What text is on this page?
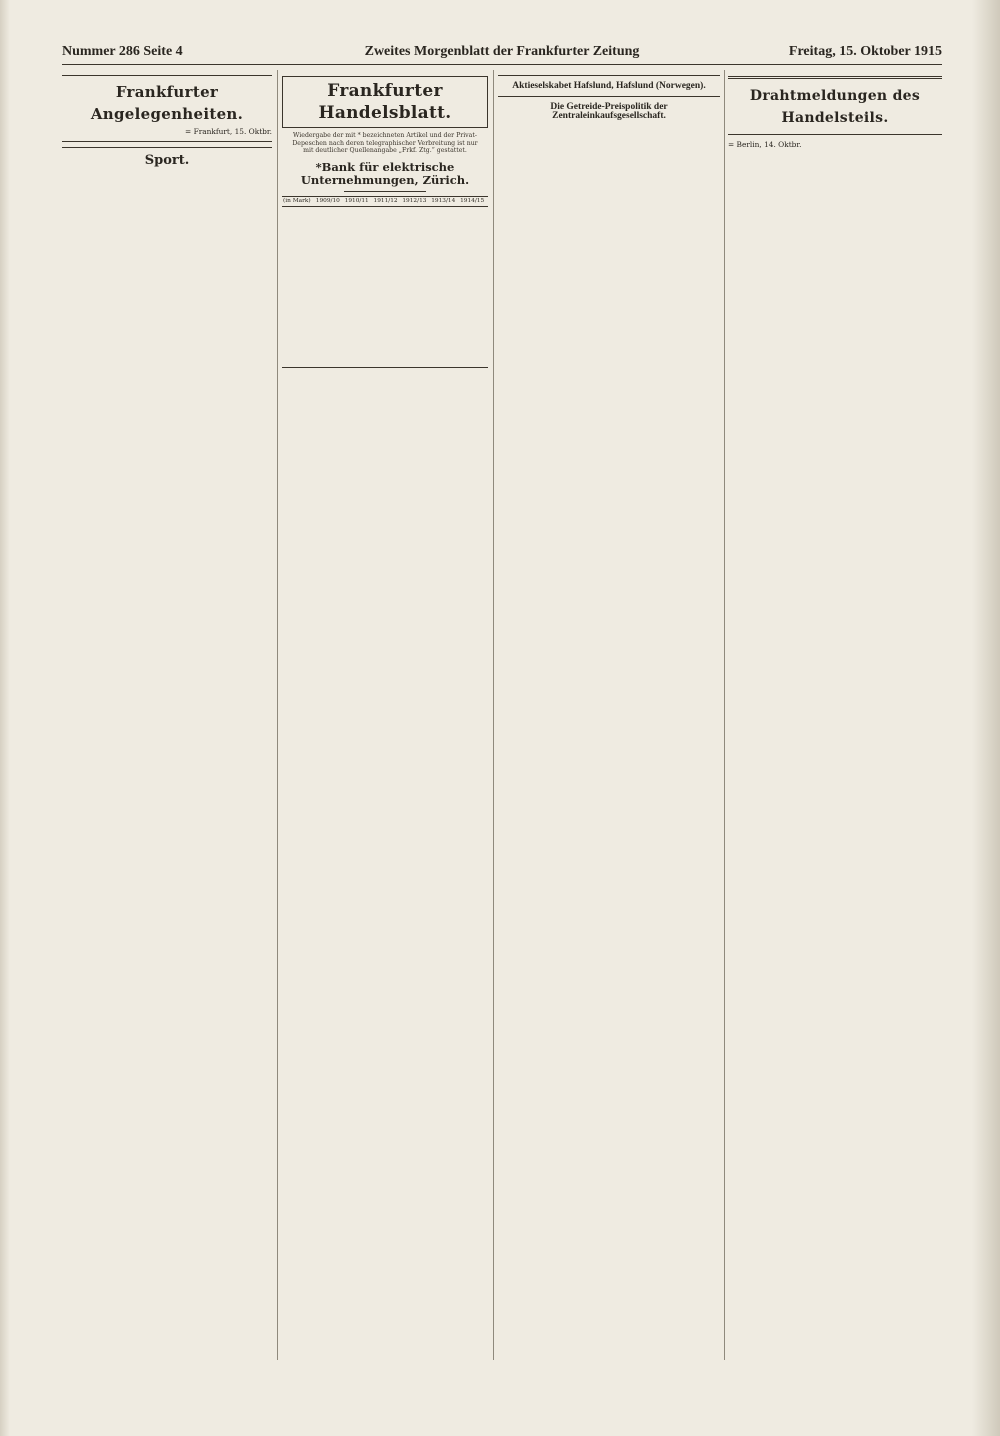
Nummer 286 Seite 4	Zweites Morgenblatt der Frankfurter Zeitung	Freitag, 15. Oktober 1915
Frankfurter Angelegenheiten.
= Frankfurt, 15. Oktbr.
Sport.
Frankfurter Handelsblatt.
Wiedergabe der mit * bezeichneten Artikel und der Privat-Depeschen nach deren telegraphischer Verbreitung ist nur mit deutlicher Quellenangabe „Frkf. Ztg.“ gestattet.
*Bank für elektrische Unternehmungen, Zürich.
(in Mark)	1909/10	1910/11	1911/12	1912/13	1913/14	1914/15

Aktieselskabet Hafslund, Hafslund (Norwegen).
Die Getreide-Preispolitik der Zentraleinkaufsgesellschaft.
Drahtmeldungen des Handelsteils.
= Berlin, 14. Oktbr.
